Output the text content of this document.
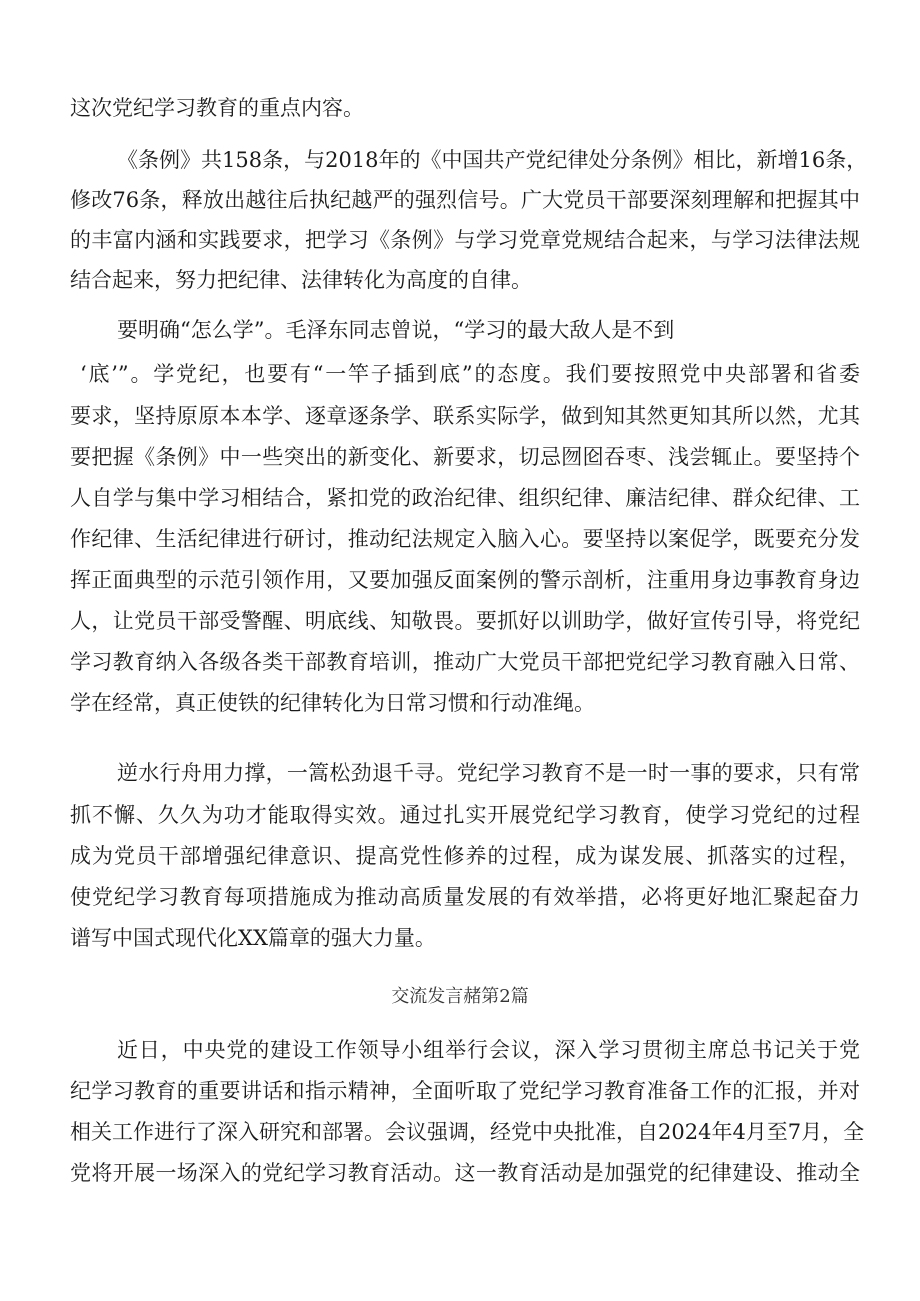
这次党纪学习教育的重点内容。
《条例》共158条，与2018年的《中国共产党纪律处分条例》相比，新增16条，
修改76条，释放出越往后执纪越严的强烈信号。广大党员干部要深刻理解和把握其中
的丰富内涵和实践要求，把学习《条例》与学习党章党规结合起来，与学习法律法规
结合起来，努力把纪律、法律转化为高度的自律。
要明确“怎么学”。毛泽东同志曾说，“学习的最大敌人是不到
‘底’”。学党纪，也要有“一竿子插到底”的态度。我们要按照党中央部署和省委
要求，坚持原原本本学、逐章逐条学、联系实际学，做到知其然更知其所以然，尤其
要把握《条例》中一些突出的新变化、新要求，切忌囫囵吞枣、浅尝辄止。要坚持个
人自学与集中学习相结合，紧扣党的政治纪律、组织纪律、廉洁纪律、群众纪律、工
作纪律、生活纪律进行研讨，推动纪法规定入脑入心。要坚持以案促学，既要充分发
挥正面典型的示范引领作用，又要加强反面案例的警示剖析，注重用身边事教育身边
人，让党员干部受警醒、明底线、知敬畏。要抓好以训助学，做好宣传引导，将党纪
学习教育纳入各级各类干部教育培训，推动广大党员干部把党纪学习教育融入日常、
学在经常，真正使铁的纪律转化为日常习惯和行动准绳。
逆水行舟用力撑，一篙松劲退千寻。党纪学习教育不是一时一事的要求，只有常
抓不懈、久久为功才能取得实效。通过扎实开展党纪学习教育，使学习党纪的过程
成为党员干部增强纪律意识、提高党性修养的过程，成为谋发展、抓落实的过程，
使党纪学习教育每项措施成为推动高质量发展的有效举措，必将更好地汇聚起奋力
谱写中国式现代化XX篇章的强大力量。
交流发言赭第2篇
近日，中央党的建设工作领导小组举行会议，深入学习贯彻主席总书记关于党
纪学习教育的重要讲话和指示精神，全面听取了党纪学习教育准备工作的汇报，并对
相关工作进行了深入研究和部署。会议强调，经党中央批准，自2024年4月至7月，全
党将开展一场深入的党纪学习教育活动。这一教育活动是加强党的纪律建设、推动全
